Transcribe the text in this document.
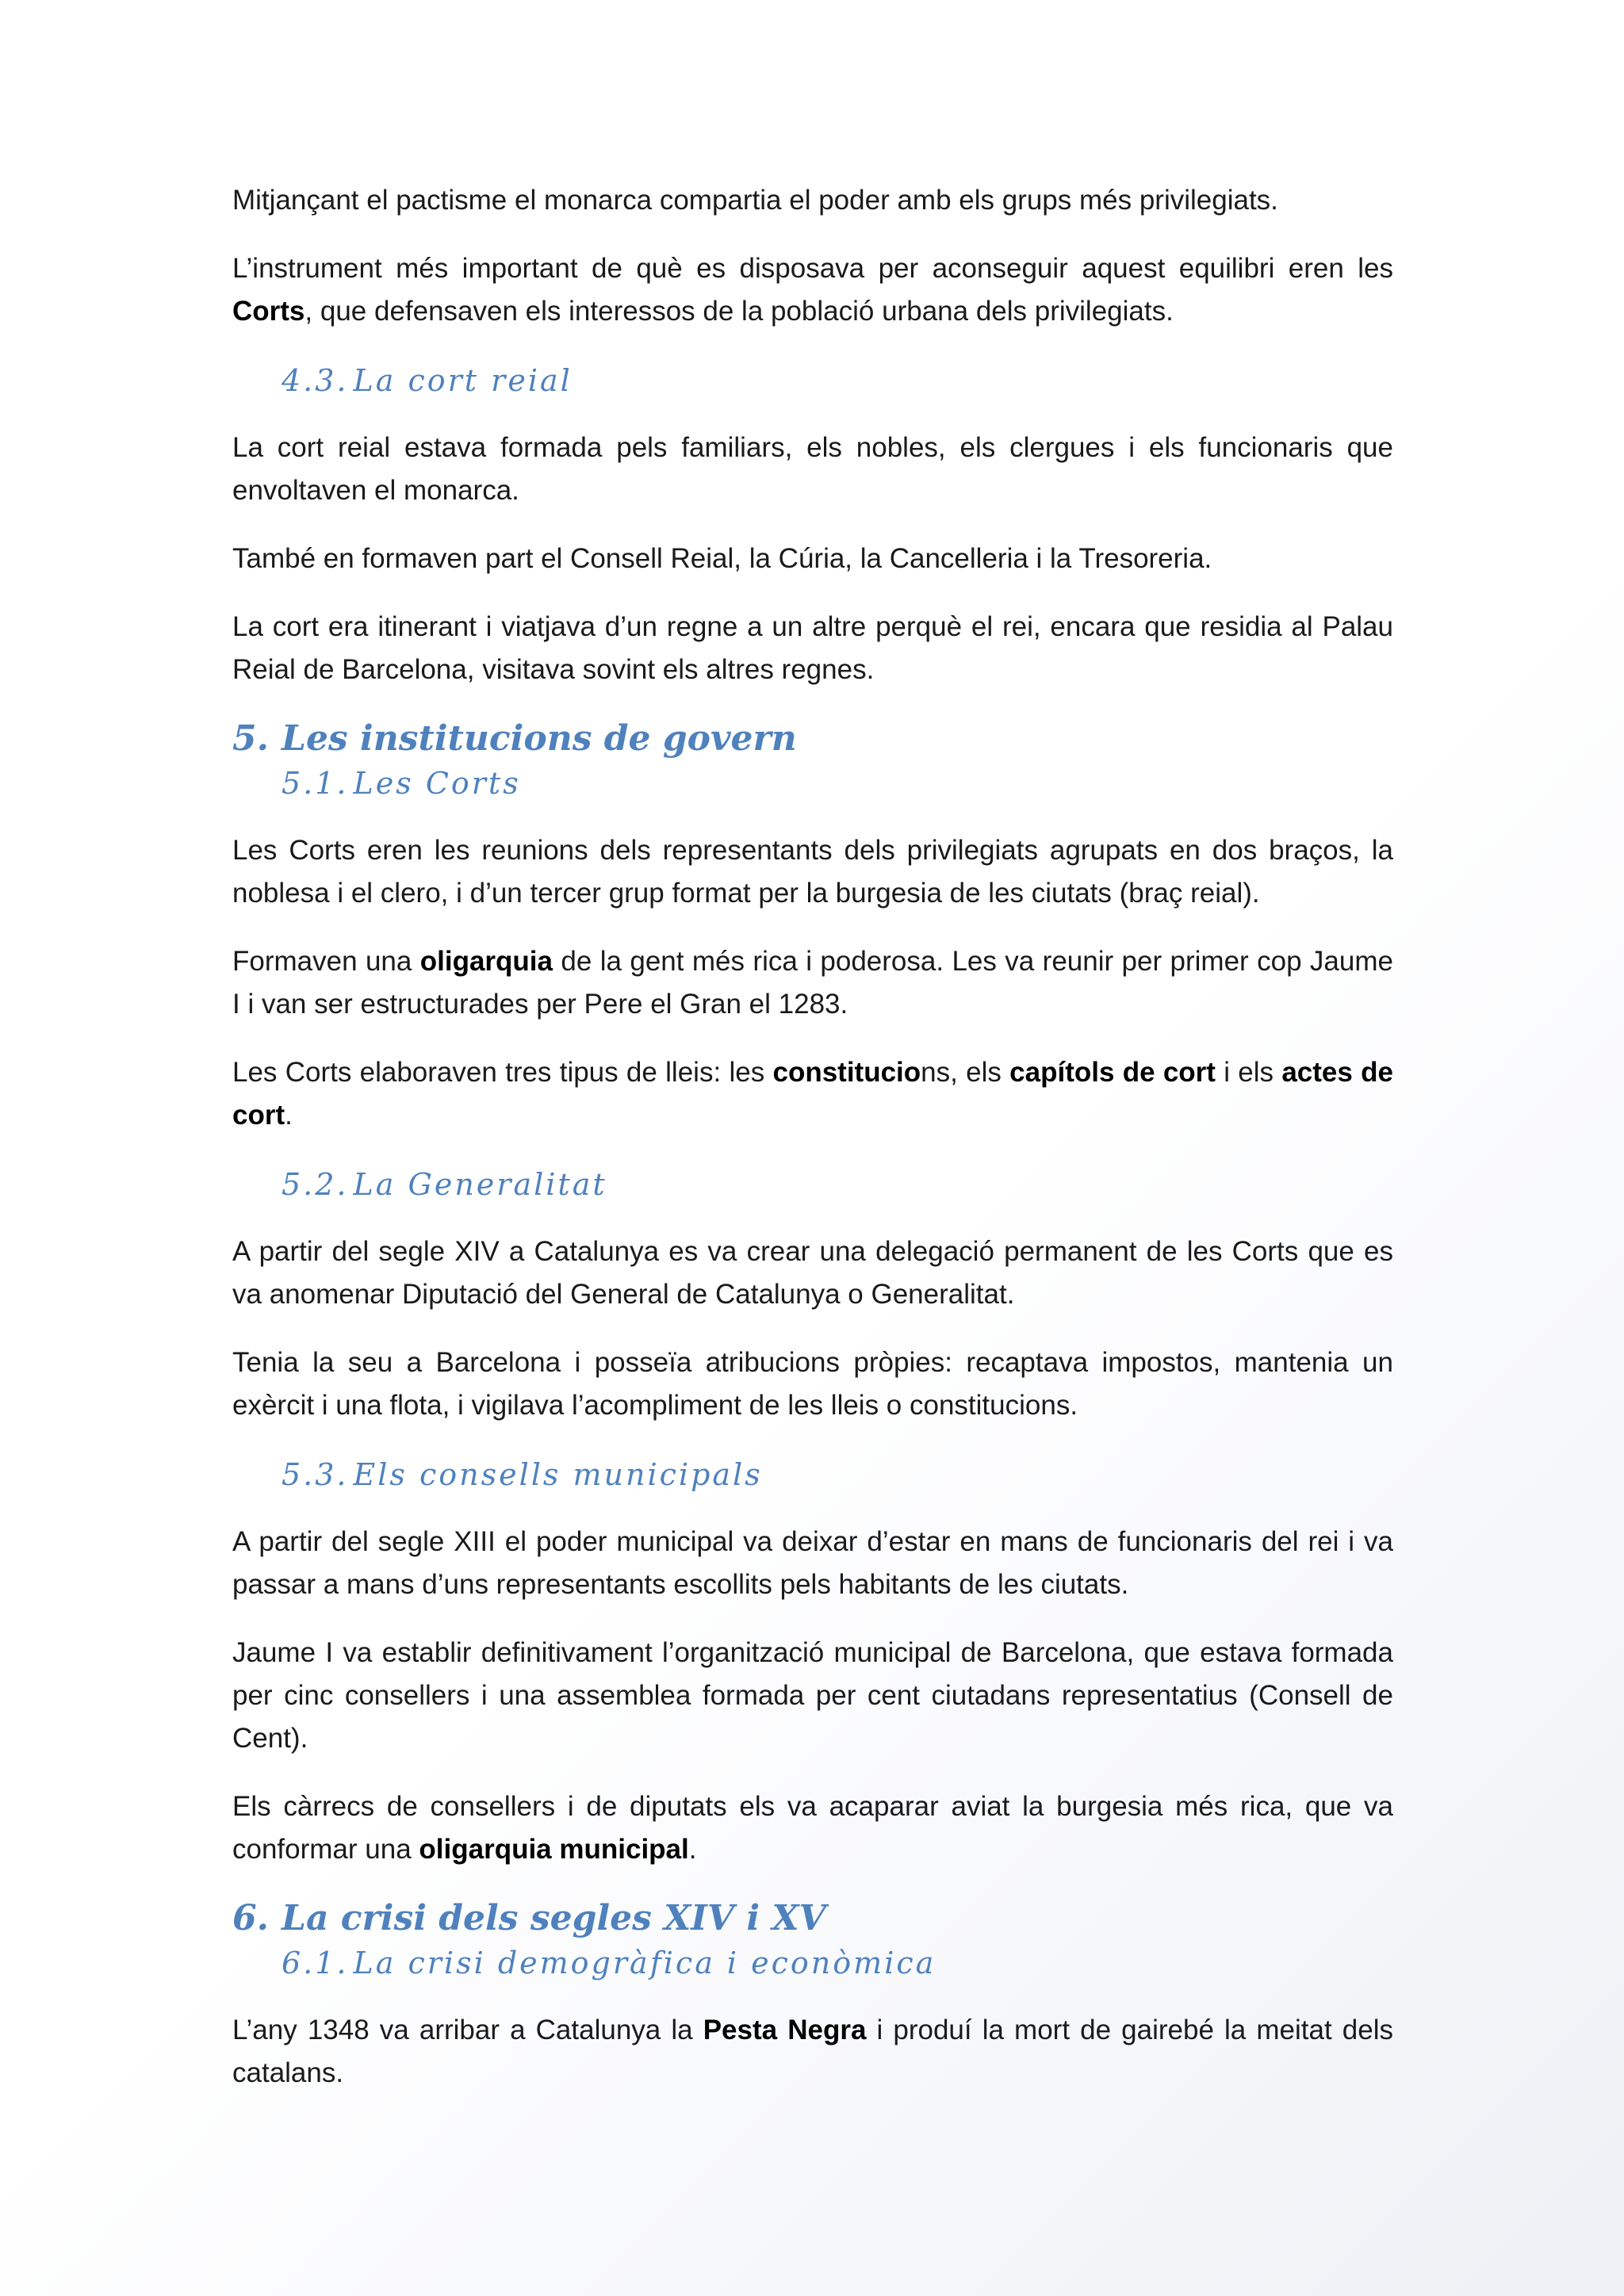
Mitjançant el pactisme el monarca compartia el poder amb els grups més privilegiats.

L’instrument més important de què es disposava per aconseguir aquest equilibri eren les Corts, que defensaven els interessos de la població urbana dels privilegiats.

4.3. La cort reial

La cort reial estava formada pels familiars, els nobles, els clergues i els funcionaris que envoltaven el monarca.

També en formaven part el Consell Reial, la Cúria, la Cancelleria i la Tresoreria.

La cort era itinerant i viatjava d’un regne a un altre perquè el rei, encara que residia al Palau Reial de Barcelona, visitava sovint els altres regnes.

5. Les institucions de govern
5.1. Les Corts

Les Corts eren les reunions dels representants dels privilegiats agrupats en dos braços, la noblesa i el clero, i d’un tercer grup format per la burgesia de les ciutats (braç reial).

Formaven una oligarquia de la gent més rica i poderosa. Les va reunir per primer cop Jaume I i van ser estructurades per Pere el Gran el 1283.

Les Corts elaboraven tres tipus de lleis: les constitucions, els capítols de cort i els actes de cort.

5.2. La Generalitat

A partir del segle XIV a Catalunya es va crear una delegació permanent de les Corts que es va anomenar Diputació del General de Catalunya o Generalitat.

Tenia la seu a Barcelona i posseïa atribucions pròpies: recaptava impostos, mantenia un exèrcit i una flota, i vigilava l’acompliment de les lleis o constitucions.

5.3. Els consells municipals

A partir del segle XIII el poder municipal va deixar d’estar en mans de funcionaris del rei i va passar a mans d’uns representants escollits pels habitants de les ciutats.

Jaume I va establir definitivament l’organització municipal de Barcelona, que estava formada per cinc consellers i una assemblea formada per cent ciutadans representatius (Consell de Cent).

Els càrrecs de consellers i de diputats els va acaparar aviat la burgesia més rica, que va conformar una oligarquia municipal.

6. La crisi dels segles XIV i XV
6.1. La crisi demogràfica i econòmica

L’any 1348 va arribar a Catalunya la Pesta Negra i produí la mort de gairebé la meitat dels catalans.
